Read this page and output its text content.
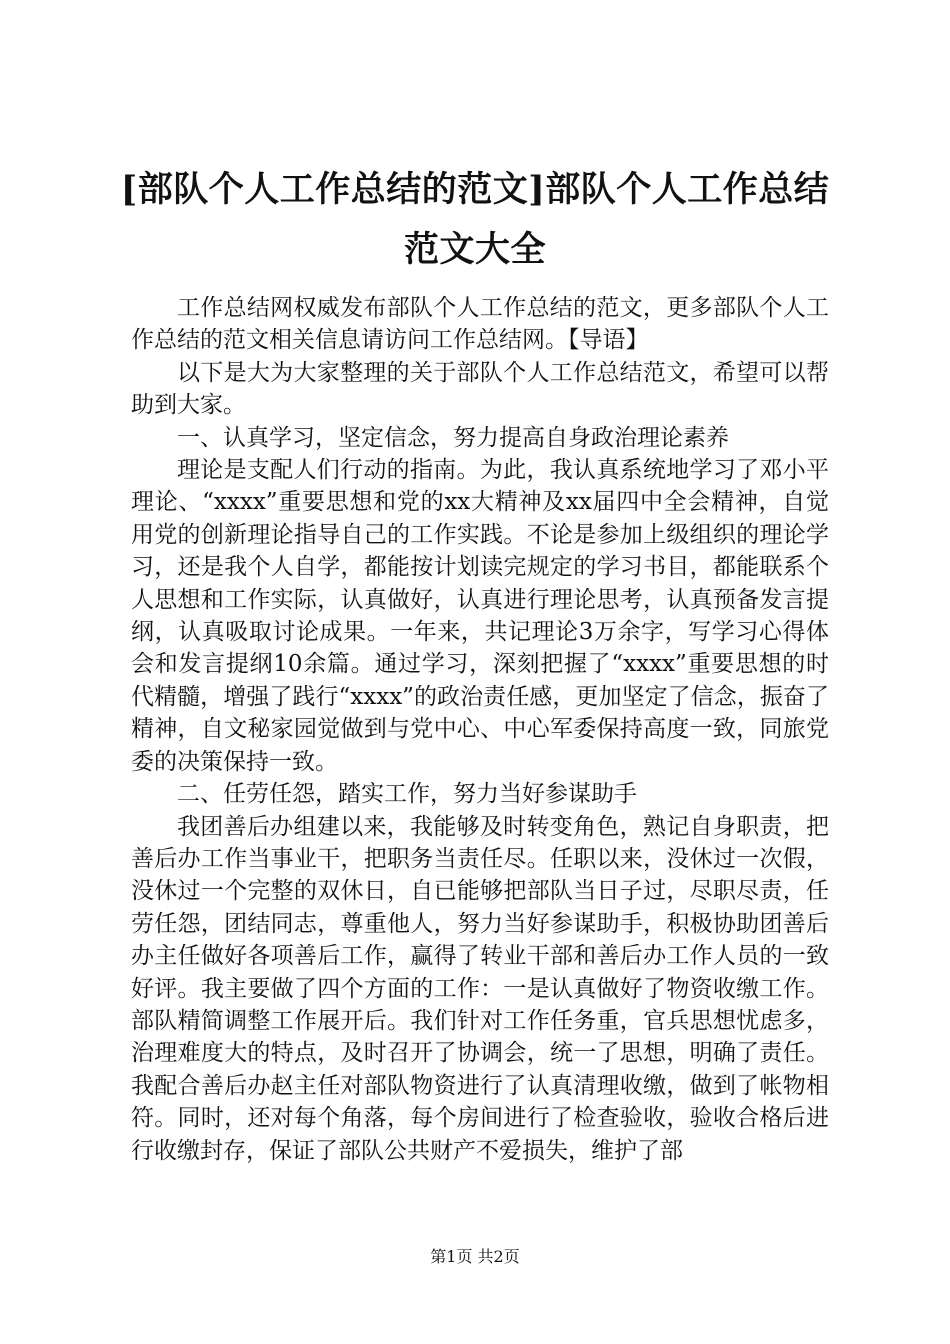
[部队个人工作总结的范文]部队个人工作总结
范文大全

工作总结网权威发布部队个人工作总结的范文，更多部队个人工作总结的范文相关信息请访问工作总结网。【导语】

以下是大为大家整理的关于部队个人工作总结范文，希望可以帮助到大家。

一、认真学习，坚定信念，努力提高自身政治理论素养

理论是支配人们行动的指南。为此，我认真系统地学习了邓小平理论、“xxxx”重要思想和党的xx大精神及xx届四中全会精神，自觉用党的创新理论指导自己的工作实践。不论是参加上级组织的理论学习，还是我个人自学，都能按计划读完规定的学习书目，都能联系个人思想和工作实际，认真做好，认真进行理论思考，认真预备发言提纲，认真吸取讨论成果。一年来，共记理论3万余字，写学习心得体会和发言提纲10余篇。通过学习，深刻把握了“xxxx”重要思想的时代精髓，增强了践行“xxxx”的政治责任感，更加坚定了信念，振奋了精神，自文秘家园觉做到与党中心、中心军委保持高度一致，同旅党委的决策保持一致。

二、任劳任怨，踏实工作，努力当好参谋助手

我团善后办组建以来，我能够及时转变角色，熟记自身职责，把善后办工作当事业干，把职务当责任尽。任职以来，没休过一次假，没休过一个完整的双休日，自已能够把部队当日子过，尽职尽责，任劳任怨，团结同志，尊重他人，努力当好参谋助手，积极协助团善后办主任做好各项善后工作，赢得了转业干部和善后办工作人员的一致好评。我主要做了四个方面的工作：一是认真做好了物资收缴工作。部队精简调整工作展开后。我们针对工作任务重，官兵思想忧虑多，治理难度大的特点，及时召开了协调会，统一了思想，明确了责任。我配合善后办赵主任对部队物资进行了认真清理收缴，做到了帐物相符。同时，还对每个角落，每个房间进行了检查验收，验收合格后进行收缴封存，保证了部队公共财产不爱损失，维护了部

第1页 共2页
